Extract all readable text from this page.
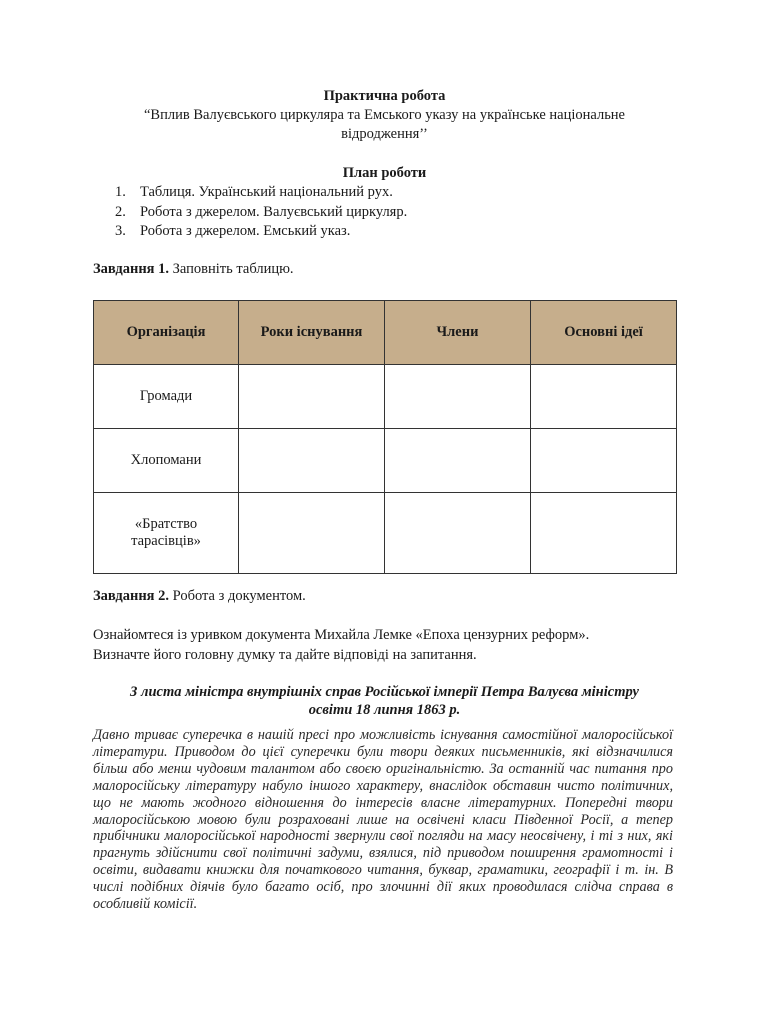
Практична робота
“Вплив Валуєвського циркуляра та Емського указу на українське національне
відродження’’
План роботи
1. Таблиця. Український національний рух.
2. Робота з джерелом. Валуєвський циркуляр.
3. Робота з джерелом. Емський указ.
Завдання 1. Заповніть таблицю.
Організація	Роки існування	Члени	Основні ідеї
Громади			
Хлопомани			

«Братство тарасівців»			

Завдання 2. Робота з документом.
Ознайомтеся із уривком документа Михайла Лемке «Епоха цензурних реформ».
Визначте його головну думку та дайте відповіді на запитання.
З листа міністра внутрішніх справ Російської імперії Петра Валуєва міністру
освіти 18 липня 1863 р.

Давно триває суперечка в нашій пресі про можливість існування самостійної малоросійської літератури. Приводом до цієї суперечки були твори деяких письменників, які відзначилися більш або менш чудовим талантом або своєю оригінальністю. За останній час питання про малоросійську літературу набуло іншого характеру, внаслідок обставин чисто політичних, що не мають жодного відношення до інтересів власне літературних. Попередні твори малоросійською мовою були розраховані лише на освічені класи Південної Росії, а тепер прибічники малоросійської народності звернули свої погляди на масу неосвічену, і ті з них, які прагнуть здійснити свої політичні задуми, взялися, під приводом поширення грамотності і освіти, видавати книжки для початкового читання, буквар, граматики, географії і т. ін. В числі подібних діячів було багато осіб, про злочинні дії яких проводилася слідча справа в особливій комісії.
